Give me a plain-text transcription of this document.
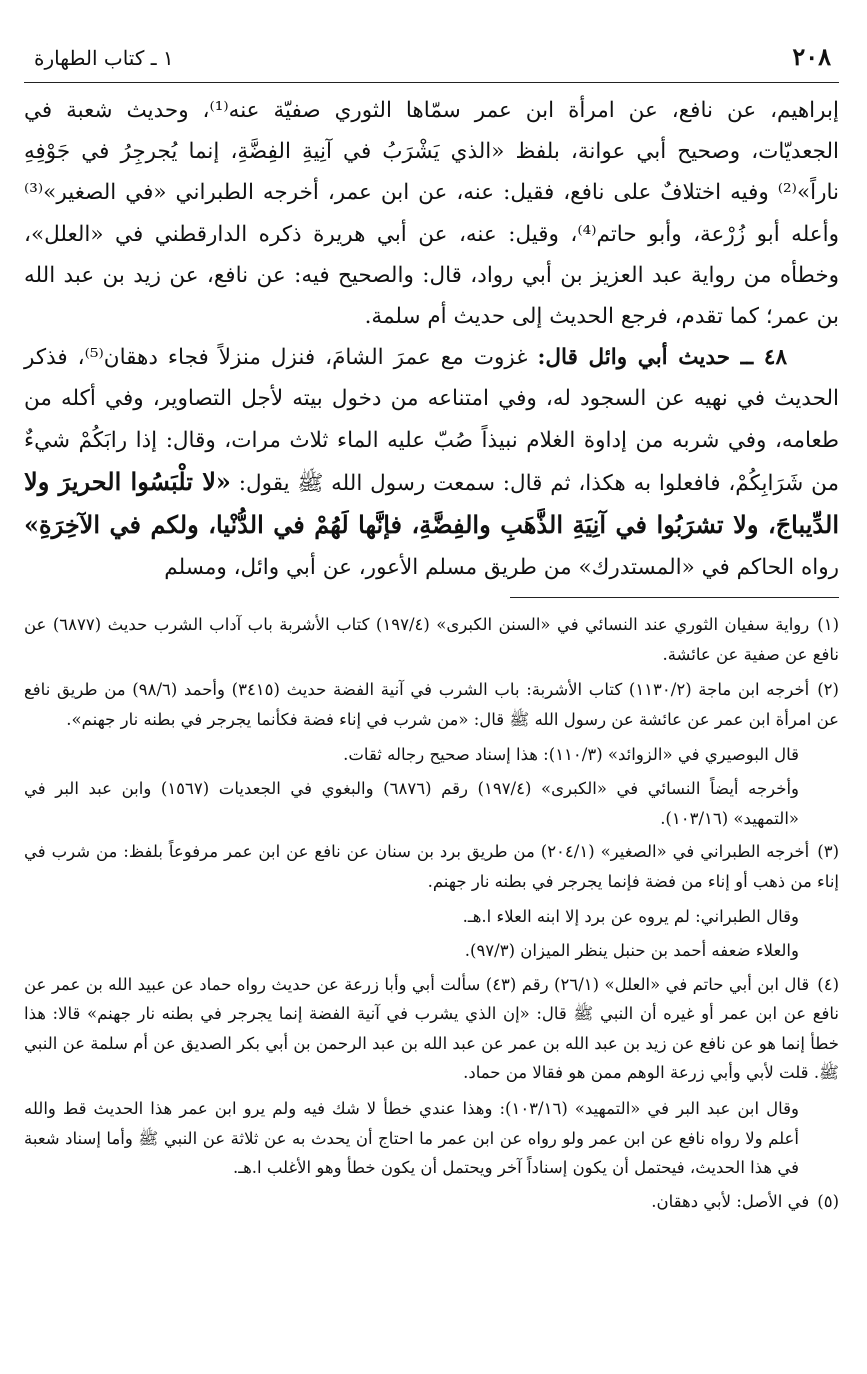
٢٠٨
١ ـ كتاب الطهارة

إبراهيم، عن نافع، عن امرأة ابن عمر سمّاها الثوري صفيّة عنه⁽¹⁾، وحديث شعبة في الجعديّات، وصحيح أبي عوانة، بلفظ «الذي يَشْرَبُ في آنِيةِ الفِضَّةِ، إنما يُجرجِرُ في جَوْفِهِ ناراً»⁽²⁾ وفيه اختلافٌ على نافع، فقيل: عنه، عن ابن عمر، أخرجه الطبراني «في الصغير»⁽³⁾ وأعله أبو زُرْعة، وأبو حاتم⁽⁴⁾، وقيل: عنه، عن أبي هريرة ذكره الدارقطني في «العلل»، وخطأه من رواية عبد العزيز بن أبي رواد، قال: والصحيح فيه: عن نافع، عن زيد بن عبد الله بن عمر؛ كما تقدم، فرجع الحديث إلى حديث أم سلمة.

٤٨ ــ حديث أبي وائل قال: غزوت مع عمرَ الشامَ، فنزل منزلاً فجاء دهقان⁽⁵⁾، فذكر الحديث في نهيه عن السجود له، وفي امتناعه من دخول بيته لأجل التصاوير، وفي أكله من طعامه، وفي شربه من إداوة الغلام نبيذاً صُبّ عليه الماء ثلاث مرات، وقال: إذا رابَكُمْ شيءٌ من شَرَابِكُمْ، فافعلوا به هكذا، ثم قال: سمعت رسول الله ﷺ يقول: «لا تلْبَسُوا الحريرَ ولا الدِّيباجَ، ولا تشرَبُوا في آنِيَةِ الذَّهَبِ والفِضَّةِ، فإنَّها لَهُمْ في الدُّنْيا، ولكم في الآخِرَةِ» رواه الحاكم في «المستدرك» من طريق مسلم الأعور، عن أبي وائل، ومسلم

(١)رواية سفيان الثوري عند النسائي في «السنن الكبرى» (١٩٧/٤) كتاب الأشربة باب آداب الشرب حديث (٦٨٧٧) عن نافع عن صفية عن عائشة.

(٢)أخرجه ابن ماجة (١١٣٠/٢) كتاب الأشربة: باب الشرب في آنية الفضة حديث (٣٤١٥) وأحمد (٩٨/٦) من طريق نافع عن امرأة ابن عمر عن عائشة عن رسول الله ﷺ قال: «من شرب في إناء فضة فكأنما يجرجر في بطنه نار جهنم».

قال البوصيري في «الزوائد» (١١٠/٣): هذا إسناد صحيح رجاله ثقات.

وأخرجه أيضاً النسائي في «الكبرى» (١٩٧/٤) رقم (٦٨٧٦) والبغوي في الجعديات (١٥٦٧) وابن عبد البر في «التمهيد» (١٠٣/١٦).

(٣)أخرجه الطبراني في «الصغير» (٢٠٤/١) من طريق برد بن سنان عن نافع عن ابن عمر مرفوعاً بلفظ: من شرب في إناء من ذهب أو إناء من فضة فإنما يجرجر في بطنه نار جهنم.

وقال الطبراني: لم يروه عن برد إلا ابنه العلاء ا.هـ.

والعلاء ضعفه أحمد بن حنبل ينظر الميزان (٩٧/٣).

(٤)قال ابن أبي حاتم في «العلل» (٢٦/١) رقم (٤٣) سألت أبي وأبا زرعة عن حديث رواه حماد عن عبيد الله بن عمر عن نافع عن ابن عمر أو غيره أن النبي ﷺ قال: «إن الذي يشرب في آنية الفضة إنما يجرجر في بطنه نار جهنم» قالا: هذا خطأ إنما هو عن نافع عن زيد بن عبد الله بن عمر عن عبد الله بن عبد الرحمن بن أبي بكر الصديق عن أم سلمة عن النبي ﷺ. قلت لأبي وأبي زرعة الوهم ممن هو فقالا من حماد.

وقال ابن عبد البر في «التمهيد» (١٠٣/١٦): وهذا عندي خطأ لا شك فيه ولم يرو ابن عمر هذا الحديث قط والله أعلم ولا رواه نافع عن ابن عمر ولو رواه عن ابن عمر ما احتاج أن يحدث به عن ثلاثة عن النبي ﷺ وأما إسناد شعبة في هذا الحديث، فيحتمل أن يكون إسناداً آخر ويحتمل أن يكون خطأ وهو الأغلب ا.هـ.

(٥)في الأصل: لأبي دهقان.
